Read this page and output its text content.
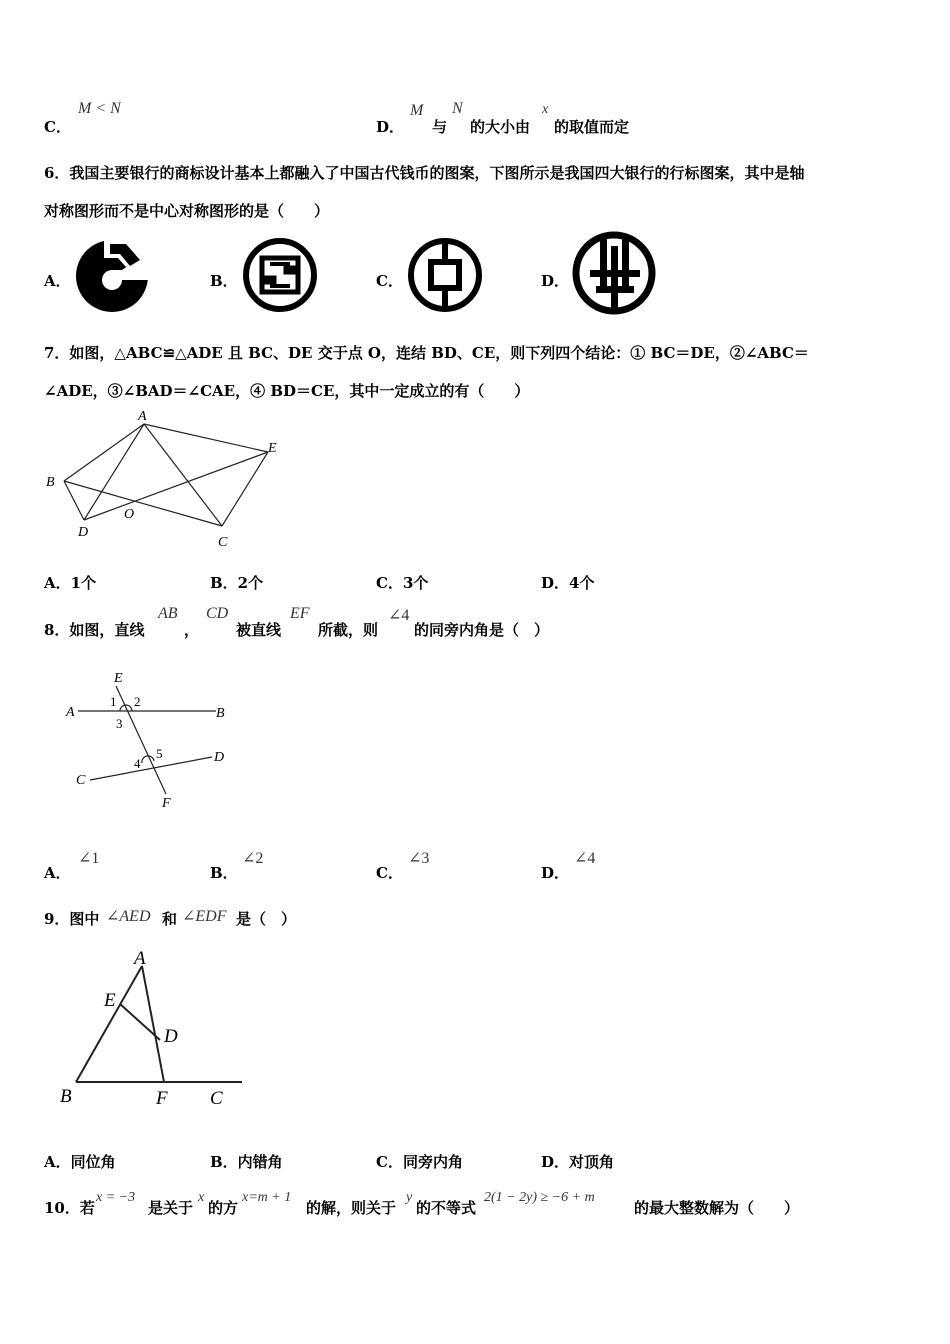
C．
M < N
D．
M
与
N
的大小由
x
的取值而定
6．我国主要银行的商标设计基本上都融入了中国古代钱币的图案，下图所示是我国四大银行的行标图案，其中是轴
对称图形而不是中心对称图形的是（　　）
A．	B．	C．	D．
7．如图，△ABC≌△ADE 且 BC、DE 交于点 O，连结 BD、CE，则下列四个结论：① BC＝DE，②∠ABC＝
∠ADE，③∠BAD＝∠CAE，④ BD＝CE，其中一定成立的有（　　）
A
B
C
D
E
O
A．1个	B．2个	C．3个	D．4个
8．如图，直线
AB
，
CD
被直线
EF
所截，则
∠4
的同旁内角是（　）
A	B
C
D
E
F
1 2
3
4
5
A．
∠1
B．
∠2
C．
∠3
D．
∠4
9．图中 ∠AED 和 ∠EDF 是（　）
A
B	C
D
E
F
A．同位角	B．内错角	C．同旁内角	D．对顶角
10．若
x = −3
是关于
x
的方
x=m + 1
的解，则关于
y
的不等式
2(1 − 2y) ≥ −6 + m
的最大整数解为（　　）
